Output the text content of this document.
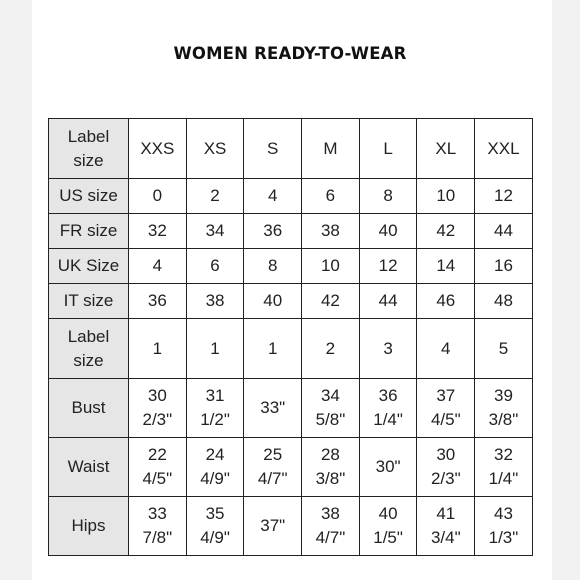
WOMEN READY-TO-WEAR
Label size	XXS	XS	S	M	L	XL	XXL
US size	0	2	4	6	8	10	12
FR size	32	34	36	38	40	42	44
UK Size	4	6	8	10	12	14	16
IT size	36	38	40	42	44	46	48
Label size	1	1	1	2	3	4	5
Bust	30 2/3"	31 1/2"	33"	34 5/8"	36 1/4"	37 4/5"	39 3/8"
Waist	22 4/5"	24 4/9"	25 4/7"	28 3/8"	30"	30 2/3"	32 1/4"
Hips	33 7/8"	35 4/9"	37"	38 4/7"	40 1/5"	41 3/4"	43 1/3"
